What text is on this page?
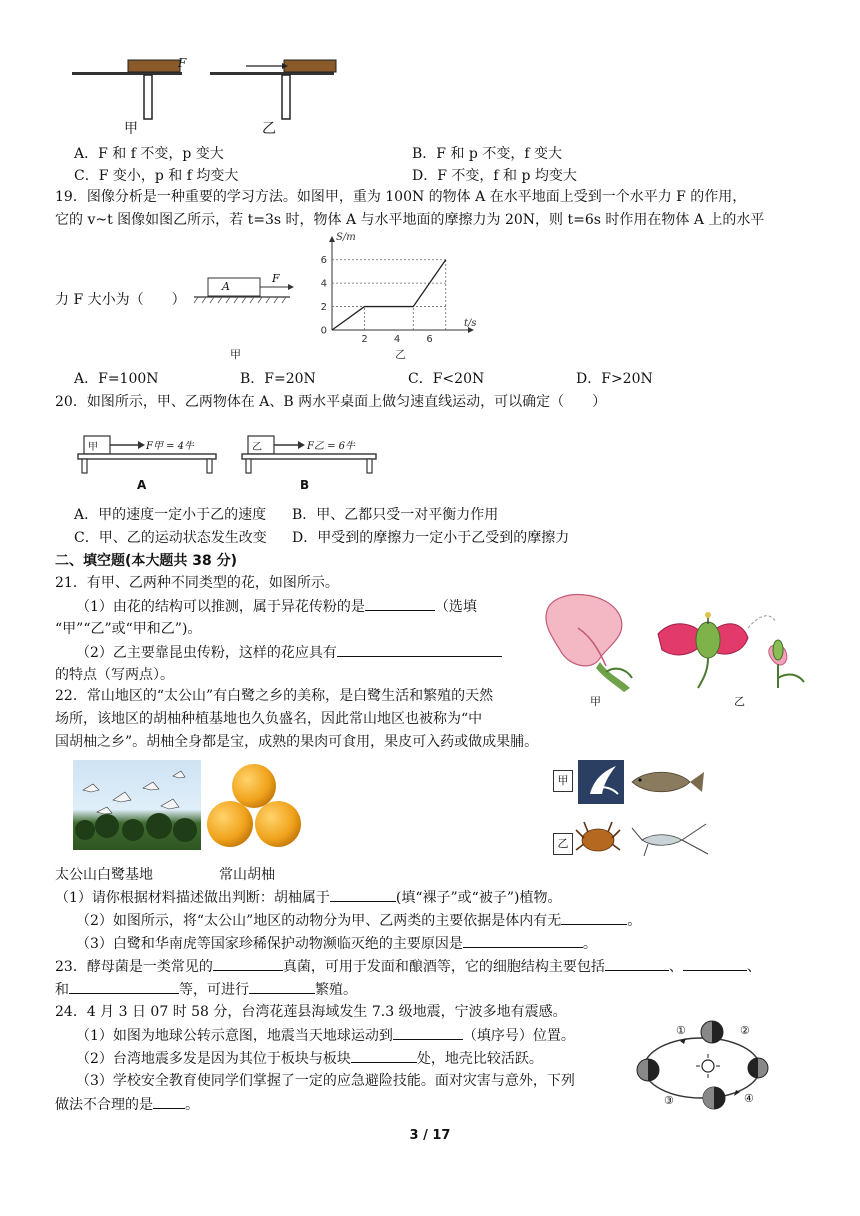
F
甲	乙
A．F 和 f 不变，p 变大	B．F 和 p 不变，f 变大
C．F 变小，p 和 f 均变大	D．F 不变，f 和 p 均变大
19．图像分析是一种重要的学习方法。如图甲，重为 100N 的物体 A 在水平地面上受到一个水平力 F 的作用，
它的 v~t 图像如图乙所示，若 t=3s 时，物体 A 与水平地面的摩擦力为 20N，则 t=6s 时作用在物体 A 上的水平
力 F 大小为（　　）
A
F
甲
0
2
4
6
2	4	6
S/m
t/s
乙
A．F=100N	B．F=20N	C．F<20N	D．F>20N
20．如图所示，甲、乙两物体在 A、B 两水平桌面上做匀速直线运动，可以确定（　　）
甲	F甲 = 4牛
A
乙	F乙 = 6牛
B
A．甲的速度一定小于乙的速度 B．甲、乙都只受一对平衡力作用
C．甲、乙的运动状态发生改变 D．甲受到的摩擦力一定小于乙受到的摩擦力
二、填空题(本大题共 38 分)
21．有甲、乙两种不同类型的花，如图所示。
（1）由花的结构可以推测，属于异花传粉的是	（选填
“甲”“乙”或“甲和乙”)。
（2）乙主要靠昆虫传粉，这样的花应具有
的特点（写两点）。
甲	乙
22．常山地区的“太公山”有白鹭之乡的美称，是白鹭生活和繁殖的天然
场所，该地区的胡柚种植基地也久负盛名，因此常山地区也被称为“中
国胡柚之乡”。胡柚全身都是宝，成熟的果肉可食用，果皮可入药或做成果脯。
太公山白鹭基地	常山胡柚
甲
乙
（1）请你根据材料描述做出判断：胡柚属于	(填“裸子”或“被子”)植物。
（2）如图所示，将“太公山”地区的动物分为甲、乙两类的主要依据是体内有无	。
（3）白鹭和华南虎等国家珍稀保护动物濒临灭绝的主要原因是	。
23．酵母菌是一类常见的	真菌，可用于发面和酿酒等，它的细胞结构主要包括	、	、
和	等，可进行	繁殖。
24．4 月 3 日 07 时 58 分，台湾花莲县海域发生 7.3 级地震，宁波多地有震感。
（1）如图为地球公转示意图，地震当天地球运动到	（填序号）位置。
（2）台湾地震多发是因为其位于板块与板块	处，地壳比较活跃。
（3）学校安全教育使同学们掌握了一定的应急避险技能。面对灾害与意外，下列
做法不合理的是 。
①	②
③	④
3 / 17
